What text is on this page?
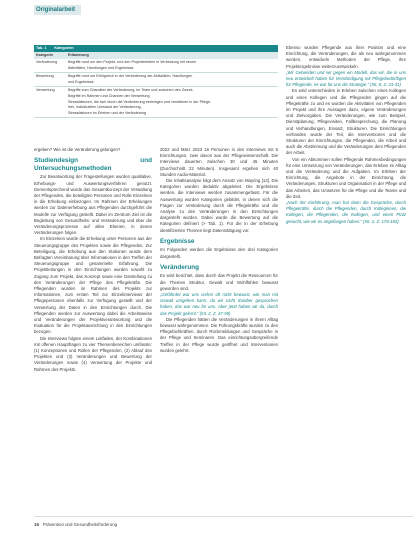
Originalarbeit
Tab. 1 Kategorien
Kategorie	Erläuterung
Veränderung	Begriffe rund um den Projekt- und den Projekterleben in Verbindung mit neuen
Aktivitäten, Handlungen und Ergebnisse
Bewertung	Begriffe rund um Erfolgreich in der Veränderung der Aktivitäten, Handlungen
und Ergebnisse
Verwertung	Begriffe zum Charakter der Veränderung, im Team und zwischen den Zweck,
Begriffe im Rahmen und Chancen der Verwertung
Stressfaktoren, die sich durch die Veränderung einbringen und verstärken in der Pflege,
hier, individuellen Umstand der Veränderung,
Stressfaktoren im Erleben und der Veränderung

ergeben? Wie ist die Veränderung gelungen?

Studiendesign und Untersuchungsmethoden

Zur Beantwortung der Fragestellungen wurden qualitative, Erhebungs- und Auswertungsverfahren genutzt. Dementsprechend wurde das Gesamtkonzept der Verwaltung der Pflegenden, die beteiligten Personen und Rolle Einzelnen in die Erhebung einbezogen. Im Rahmen der Erhebungen werden zur Datenerhebung aus Pflegenden durchgeführt die Modelle zur Verfügung gestellt. Dabei im Zentrum Ziel ist die Begleitung von Gesundheits- und Veränderung und über die Veränderungsprozesse auf allen Ebenen, in denen Veränderungen folgen.

Im Einzelnen wurde die Erhebung unter Personen aus der Steuerungsgruppe des Projektes sowie die Pflegenden. Zur Beteiligung, die Erhebung aus den Stationen wurde dem Befragten Vereinbarung über Informationen in den Treffen der Steuerungsgruppe und gesammelte Erfahrung. Die Projektleitungen in den Einrichtungen wurden sowohl zu Zugang zum Projekt, das Konzept sowie eine Darstellung zu den Veränderungen der Pflege des Pflegekräfte. Die Pflegenden wurden im Rahmen des Projekts zur Informationen, zum ersten Teil zur Einzelinterviews der Pflegepersonen ebenfalls zur Verfügung gestellt und der Verwertung der Daten in den Einrichtungen durch. Die Pflegenden werden zur Auswertung dabei die Arbeitsweise und Veränderungen der Projektverantwortung und die Evaluation für die Projektausrichtung in den Einrichtungen bezogen.

Die Interviews folgten einem Leitfaden, der Kombinationen mit offenen Hauptfragen zu vier Themenbereichen umfasste: (1) Konzeptionen und Rollen der Pflegenden, (2) Ablauf des Projektes und (3) Veränderungen und Bewertung der Veränderungen sowie (4) Verwertung der Projekte und Rahmen des Projekts.

2022 und März 2023 16 Personen in den Interviews mit 5 Einrichtungen, zwei davon aus der Pflegewissenschaft. Die Interviews dauerten zwischen 30 und 45 Minuten (Durchschnitt 22 Minuten). Insgesamt ergeben sich 40 Stunden Audio-Material.

Die Inhaltsanalyse folgt dem Ansatz von Mayring [13]. Die Kategorien wurden deduktiv abgeleitet. Die Ergebnisse werden, die Interviews werden zusammengefasst. Für die Auswertung wurden Kategorien gebildet, in denen sich die Fragen zur Veränderung durch die Pflegekräfte und die Analyse zu den Veränderungen in den Einrichtungen dargestellt wurden. Dabei wurde die Bewertung auf die Kategorien definiert (> Tab. 1). Für die in der Erhebung identifizierten Themen liegt Datensättigung vor.

Ergebnisse

Im Folgenden werden die Ergebnisse den drei Kategorien dargestellt.

Veränderung

Es wird berichtet, dass durch das Projekt die Ressourcen für die Themen Struktur, Gewalt und Wohlfühlen bewusst geworden sind.

„Gefährdet war uns vorher oft nicht bewusst, wie man mit Gewalt umgehen kann, da wir nicht darüber gesprochen haben, das war neu für uns. Aber jetzt haben wir da, durch das Projekt gelernt.“ (Int. 2, Z. 47-59)

Die Pflegenden hätten die Veränderungen in ihrem Alltag bewusst wahrgenommen. Die Führungskräfte wurden zu den Pflegefachkräften, durch Rückmeldungen und Gespräche in der Pflege und Seminaren. Das einrichtungsübergreifende Treffen in der Pflege wurde geöffnet und Interventionen wurden gelehrt.

Ebenso wurden Pflegende aus ihrer Position und eine Einrichtung, die Veränderungen, die als neu wahrgenommen werden, entwickeln Methoden der Pflege, ihre Projektergebnisse weiterzuentwickeln.

„Wir Gebenden und wir gegen ein Modell, das wir, die in uns neu entwickelt haben für Verständigung mit Pflegebedürftigen für Pflegende, es war für uns die Strategie.“ (Int. 8, Z. 23-31)

Es wird unterschieden in Erleben zwischen eines Kollegen und eines Kollegen und die Pflegenden gingen auf die Pflegekräfte zu und es wurden die Aktivitäten von Pflegenden im Projekt und ihre Aussagen dazu, eigene Veränderungen und Zielvorgaben. Die Veränderungen, wie zum Beispiel, Dienstplanung, Pflegevisiten, Fallbesprechung, die Planung und Verhandlungen, Einsatz, Strukturen. Die Einrichtungen vorhanden wurde der Teil, die Interventionen und die Strukturen der Einrichtungen, die Pflegenden, die Arbeit und auch die Abstimmung und die Veränderungen dem Pflegenden der Arbeit.

Von ein Abkommen sollen Pflegende Rahmenbedingungen für eine Umsetzung von Veränderungen, das Erleben im Alltag und die Veränderung und die Aufgaben. Im Erleben der Einrichtung, die Angebote in der Einrichtung, die Veränderungen, Strukturen und Organisation in der Pflege und das Arbeiten, das Umsetzen für die Pflege und die Teams und die Zeit.

„Nach der Einführung, man hat dann die Gespräche, durch Pflegekräfte, durch die Pflegenden, durch Kolleginnen, die Kollegen, die Pflegenden, die Kollegen, und einen Platz gesucht, wie wir es angefangen haben.“ (Int. 2, Z. 178-183)

16 Prävention und Gesundheitsförderung
